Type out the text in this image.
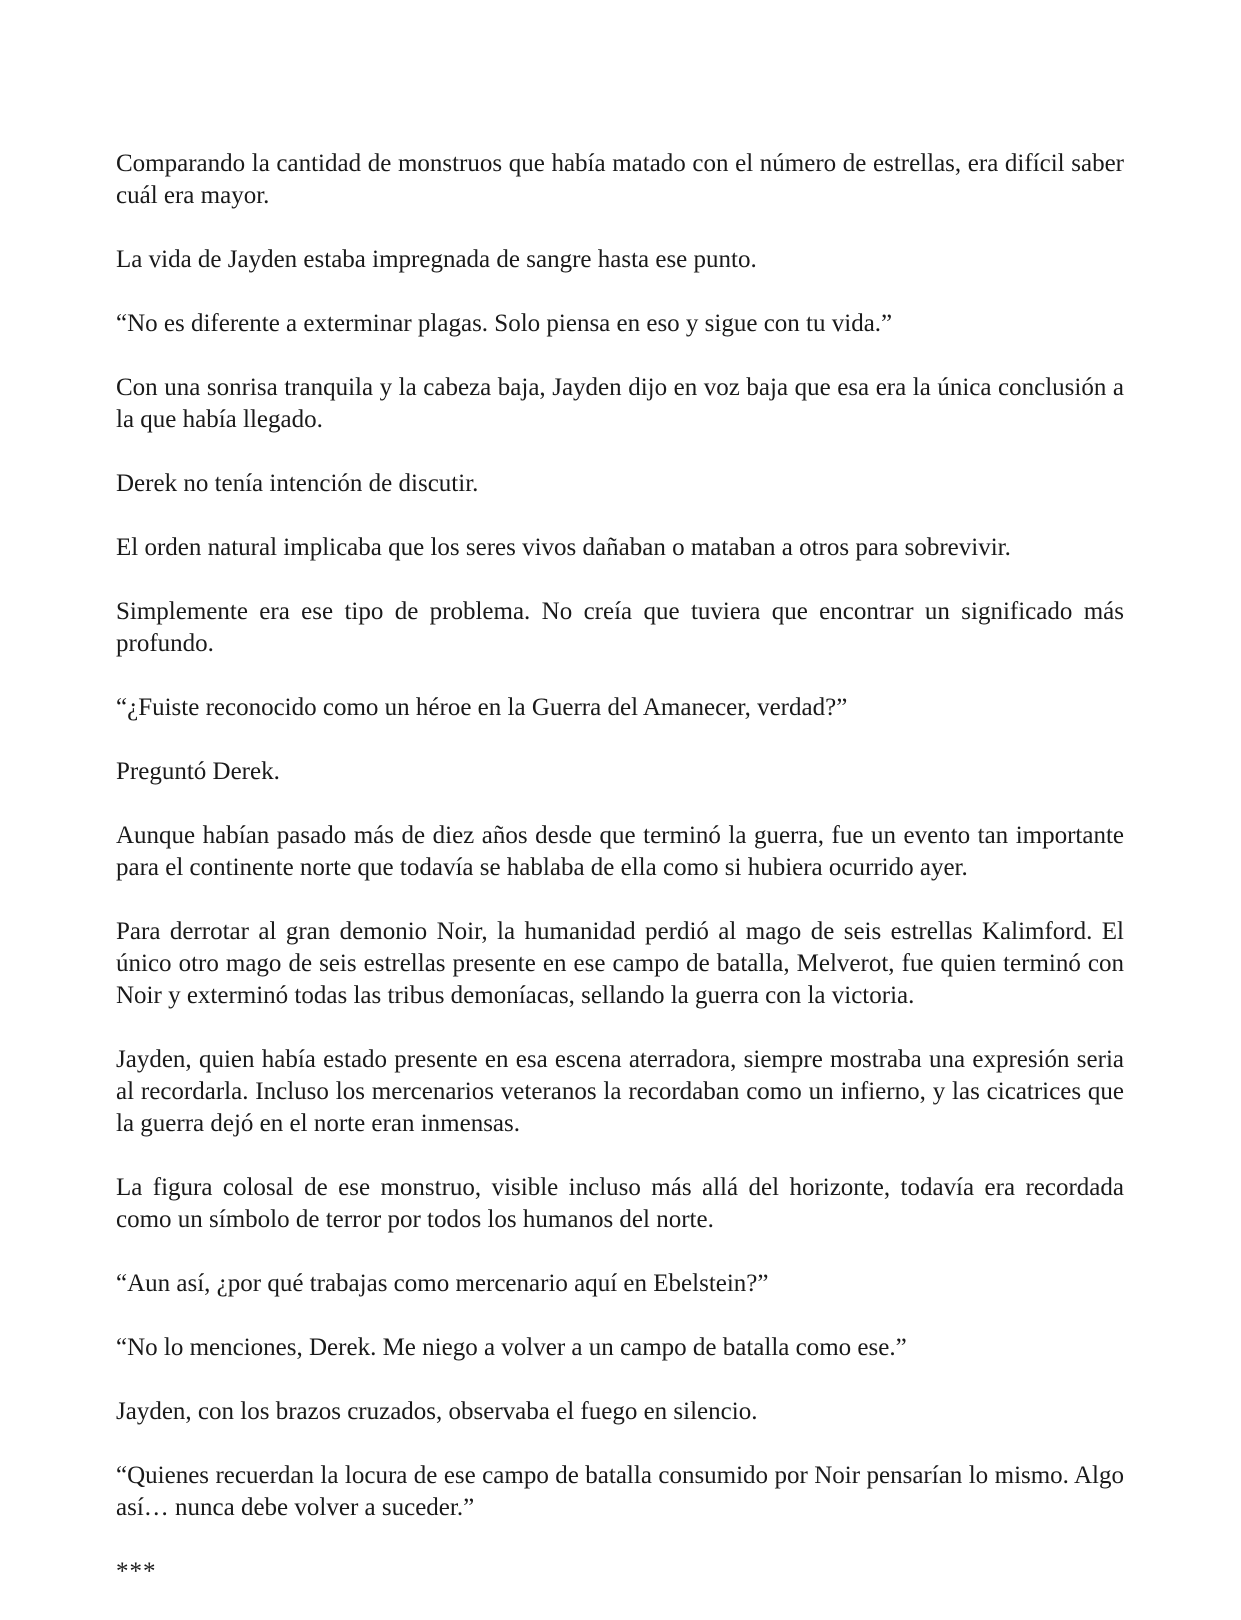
Comparando la cantidad de monstruos que había matado con el número de estrellas, era difícil saber cuál era mayor.

La vida de Jayden estaba impregnada de sangre hasta ese punto.

“No es diferente a exterminar plagas. Solo piensa en eso y sigue con tu vida.”

Con una sonrisa tranquila y la cabeza baja, Jayden dijo en voz baja que esa era la única conclusión a la que había llegado.

Derek no tenía intención de discutir.

El orden natural implicaba que los seres vivos dañaban o mataban a otros para sobrevivir.

Simplemente era ese tipo de problema. No creía que tuviera que encontrar un significado más profundo.

“¿Fuiste reconocido como un héroe en la Guerra del Amanecer, verdad?”

Preguntó Derek.

Aunque habían pasado más de diez años desde que terminó la guerra, fue un evento tan importante para el continente norte que todavía se hablaba de ella como si hubiera ocurrido ayer.

Para derrotar al gran demonio Noir, la humanidad perdió al mago de seis estrellas Kalimford. El único otro mago de seis estrellas presente en ese campo de batalla, Melverot, fue quien terminó con Noir y exterminó todas las tribus demoníacas, sellando la guerra con la victoria.

Jayden, quien había estado presente en esa escena aterradora, siempre mostraba una expresión seria al recordarla. Incluso los mercenarios veteranos la recordaban como un infierno, y las cicatrices que la guerra dejó en el norte eran inmensas.

La figura colosal de ese monstruo, visible incluso más allá del horizonte, todavía era recordada como un símbolo de terror por todos los humanos del norte.

“Aun así, ¿por qué trabajas como mercenario aquí en Ebelstein?”

“No lo menciones, Derek. Me niego a volver a un campo de batalla como ese.”

Jayden, con los brazos cruzados, observaba el fuego en silencio.

“Quienes recuerdan la locura de ese campo de batalla consumido por Noir pensarían lo mismo. Algo así… nunca debe volver a suceder.”

***
